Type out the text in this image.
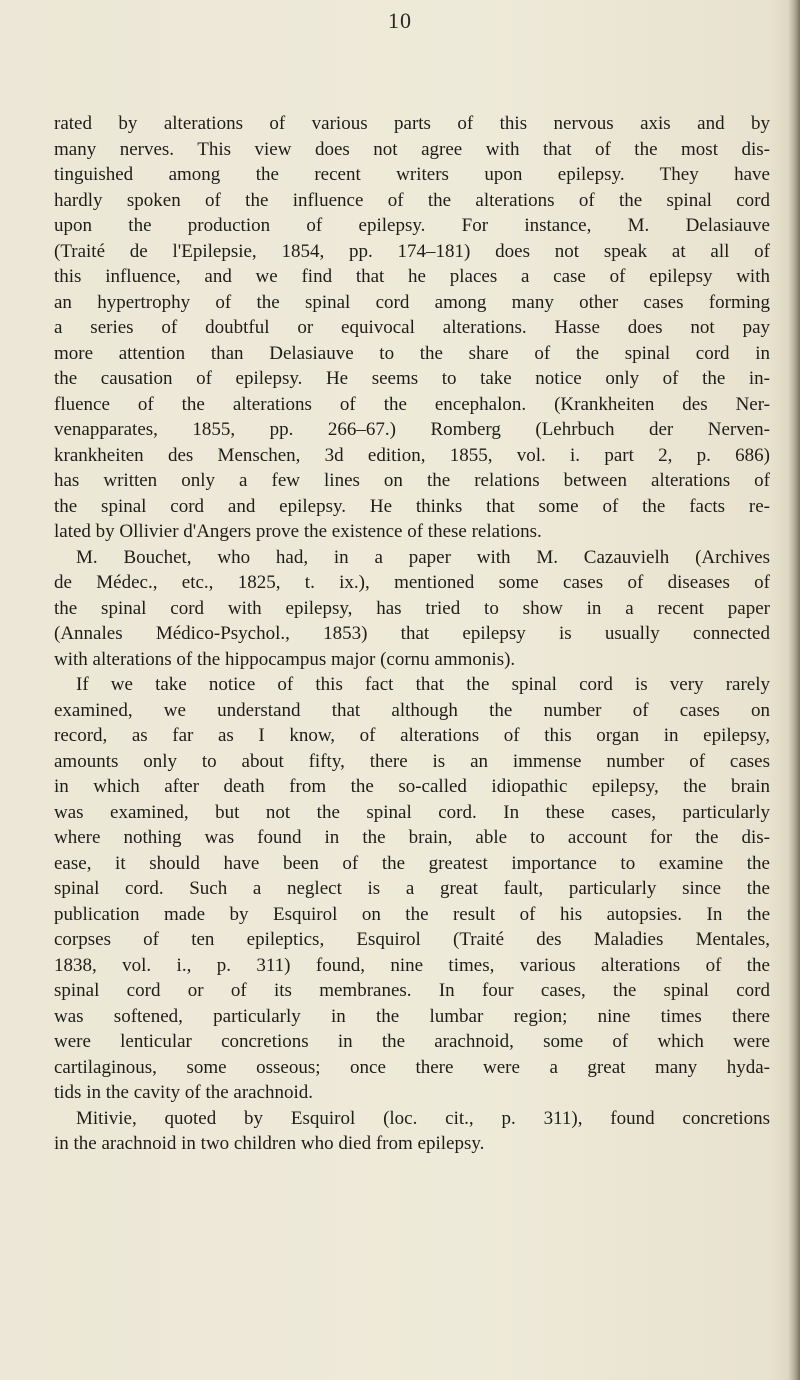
10
rated by alterations of various parts of this nervous axis and by
many nerves. This view does not agree with that of the most dis-
tinguished among the recent writers upon epilepsy. They have
hardly spoken of the influence of the alterations of the spinal cord
upon the production of epilepsy. For instance, M. Delasiauve
(Traité de l'Epilepsie, 1854, pp. 174–181) does not speak at all of
this influence, and we find that he places a case of epilepsy with
an hypertrophy of the spinal cord among many other cases forming
a series of doubtful or equivocal alterations. Hasse does not pay
more attention than Delasiauve to the share of the spinal cord in
the causation of epilepsy. He seems to take notice only of the in-
fluence of the alterations of the encephalon. (Krankheiten des Ner-
venapparates, 1855, pp. 266–67.) Romberg (Lehrbuch der Nerven-
krankheiten des Menschen, 3d edition, 1855, vol. i. part 2, p. 686)
has written only a few lines on the relations between alterations of
the spinal cord and epilepsy. He thinks that some of the facts re-
lated by Ollivier d'Angers prove the existence of these relations.
M. Bouchet, who had, in a paper with M. Cazauvielh (Archives
de Médec., etc., 1825, t. ix.), mentioned some cases of diseases of
the spinal cord with epilepsy, has tried to show in a recent paper
(Annales Médico-Psychol., 1853) that epilepsy is usually connected
with alterations of the hippocampus major (cornu ammonis).
If we take notice of this fact that the spinal cord is very rarely
examined, we understand that although the number of cases on
record, as far as I know, of alterations of this organ in epilepsy,
amounts only to about fifty, there is an immense number of cases
in which after death from the so-called idiopathic epilepsy, the brain
was examined, but not the spinal cord. In these cases, particularly
where nothing was found in the brain, able to account for the dis-
ease, it should have been of the greatest importance to examine the
spinal cord. Such a neglect is a great fault, particularly since the
publication made by Esquirol on the result of his autopsies. In the
corpses of ten epileptics, Esquirol (Traité des Maladies Mentales,
1838, vol. i., p. 311) found, nine times, various alterations of the
spinal cord or of its membranes. In four cases, the spinal cord
was softened, particularly in the lumbar region; nine times there
were lenticular concretions in the arachnoid, some of which were
cartilaginous, some osseous; once there were a great many hyda-
tids in the cavity of the arachnoid.
Mitivie, quoted by Esquirol (loc. cit., p. 311), found concretions
in the arachnoid in two children who died from epilepsy.
